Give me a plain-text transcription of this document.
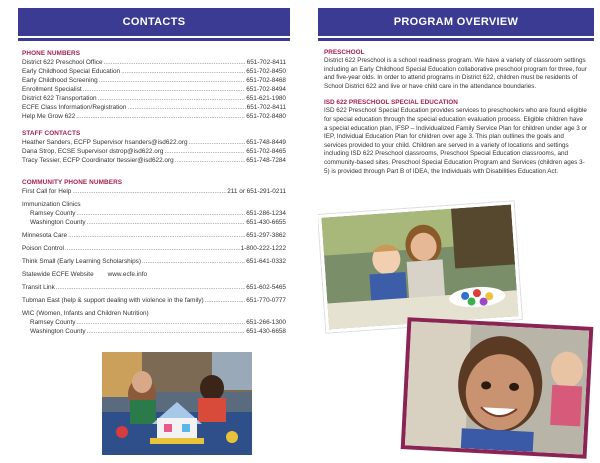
CONTACTS
PHONE NUMBERS
District 622 Preschool Office .....	651-702-8411
Early Childhood Special Education .....	651-702-8450
Early Childhood Screening .....	651-702-8468
Enrollment Specialist .....	651-702-8494
District 622 Transportation .....	651-621-1980
ECFE Class Information/Registration .....	651-702-8411
Help Me Grow 622 .....	651-702-8480
STAFF CONTACTS
Heather Sanders, ECFP Supervisor hsanders@isd622.org .....	651-748-8449
Dana Strop, ECSE Supervisor dstrop@isd622.org .....	651-702-8465
Tracy Tessier, ECFP Coordinator ttessier@isd622.org .....	651-748-7284
COMMUNITY PHONE NUMBERS
First Call for Help .....	211 or 651-291-0211
Immunization Clinics
Ramsey County .....	651-286-1234
Washington County .....	651-430-6655
Minnesota Care .....	651-297-3862
Poison Control .....	1-800-222-1222
Think Small (Early Learning Scholarships) .....	651-641-0332
Statewide ECFE Website www.ecfe.info
Transit Link .....	651-602-5465
Tubman East (help & support dealing with violence in the family) .....	651-770-0777
WIC (Women, Infants and Children Nutrition)
Ramsey County .....	651-266-1300
Washington County .....	651-430-6658
PROGRAM OVERVIEW
PRESCHOOL
District 622 Preschool is a school readiness program. We have a variety of classroom settings including an Early Childhood Special Education collaborative preschool program for three, four and five-year olds. In order to attend programs in District 622, children must be residents of School District 622 and live or have child care in the attendance boundaries.
ISD 622 PRESCHOOL SPECIAL EDUCATION
ISD 622 Preschool Special Education provides services to preschoolers who are found eligible for special education through the special education evaluation process. Eligible children have a special education plan, IFSP – Individualized Family Service Plan for children under age 3 or IEP, Individual Education Plan for children over age 3. This plan outlines the goals and services provided to your child. Children are served in a variety of locations and settings including ISD 622 Preschool classrooms, Preschool Special Education classrooms, and community-based sites. Preschool Special Education Program and Services (children ages 3-5) is provided through Part B of IDEA, the Individuals with Disabilities Education Act.
